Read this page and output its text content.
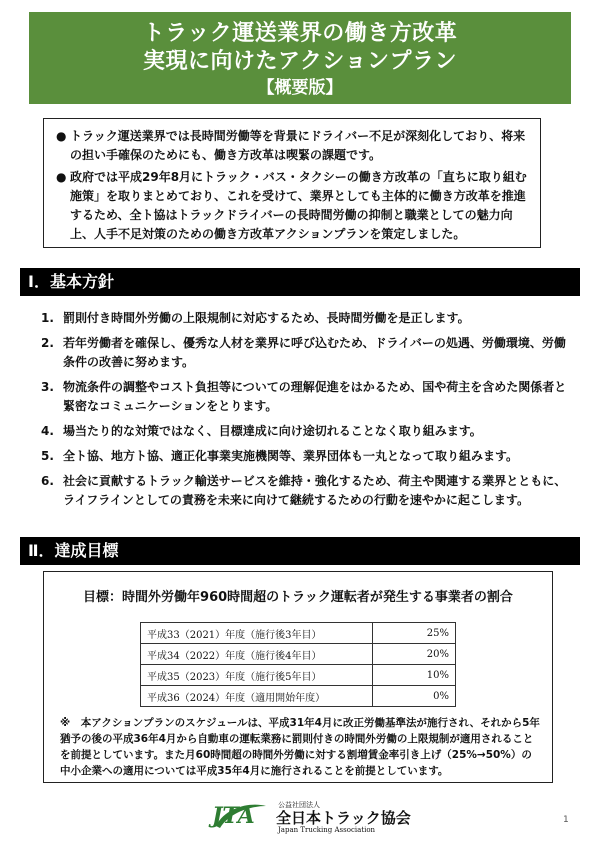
トラック運送業界の働き方改革
実現に向けたアクションプラン
【概要版】
● トラック運送業界では長時間労働等を背景にドライバー不足が深刻化しており、将来の担い手確保のためにも、働き方改革は喫緊の課題です。
● 政府では平成29年8月にトラック・バス・タクシーの働き方改革の「直ちに取り組む施策」を取りまとめており、これを受けて、業界としても主体的に働き方改革を推進するため、全ト協はトラックドライバーの長時間労働の抑制と職業としての魅力向上、人手不足対策のための働き方改革アクションプランを策定しました。
Ⅰ．基本方針
1. 罰則付き時間外労働の上限規制に対応するため、長時間労働を是正します。
2. 若年労働者を確保し、優秀な人材を業界に呼び込むため、ドライバーの処遇、労働環境、労働条件の改善に努めます。
3. 物流条件の調整やコスト負担等についての理解促進をはかるため、国や荷主を含めた関係者と緊密なコミュニケーションをとります。
4. 場当たり的な対策ではなく、目標達成に向け途切れることなく取り組みます。
5. 全ト協、地方ト協、適正化事業実施機関等、業界団体も一丸となって取り組みます。
6. 社会に貢献するトラック輸送サービスを維持・強化するため、荷主や関連する業界とともに、ライフラインとしての責務を未来に向けて継続するための行動を速やかに起こします。
Ⅱ．達成目標
目標：時間外労働年960時間超のトラック運転者が発生する事業者の割合
平成33（2021）年度（施行後3年目）	25%
平成34（2022）年度（施行後4年目）	20%
平成35（2023）年度（施行後5年目）	10%
平成36（2024）年度（適用開始年度）	0%
※　本アクションプランのスケジュールは、平成31年4月に改正労働基準法が施行され、それから5年猶予の後の平成36年4月から自動車の運転業務に罰則付きの時間外労働の上限規制が適用されることを前提としています。また月60時間超の時間外労働に対する割増賃金率引き上げ（25%→50%）の中小企業への適用については平成35年4月に施行されることを前提としています。
JTA	公益社団法人
全日本トラック協会
Japan Trucking Association
1
